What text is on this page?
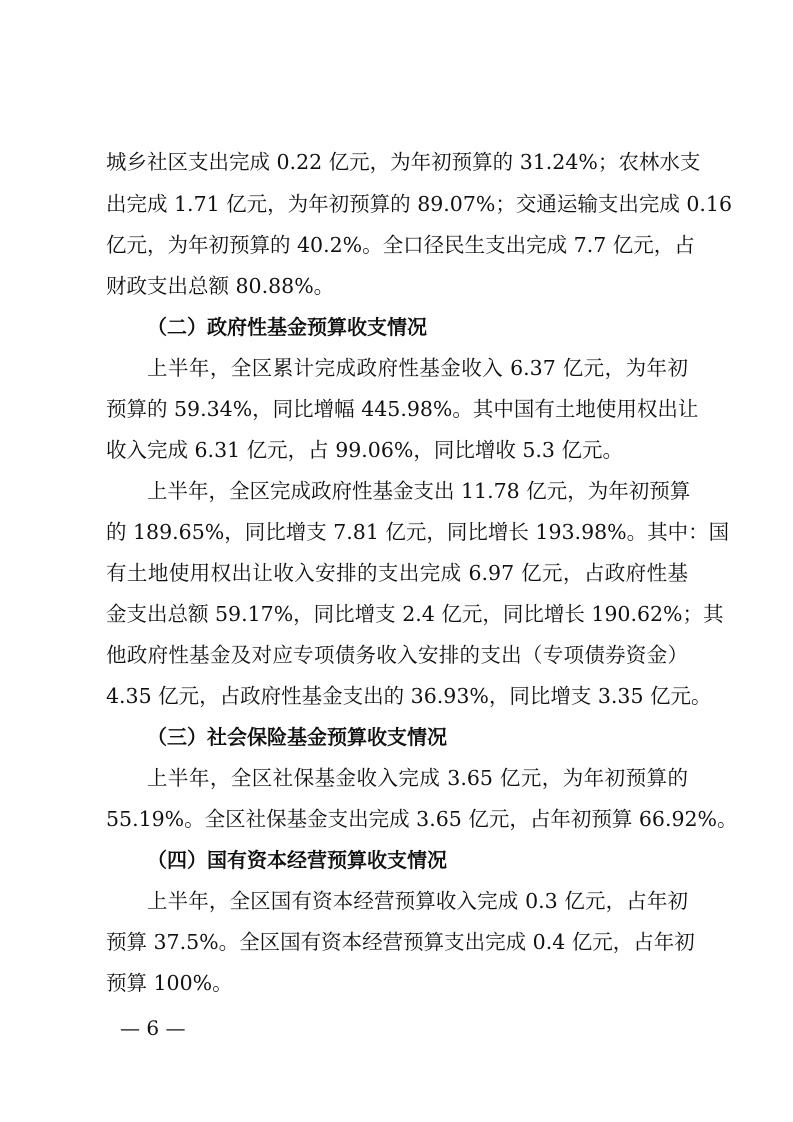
城乡社区支出完成 0.22 亿元，为年初预算的 31.24%；农林水支
出完成 1.71 亿元，为年初预算的 89.07%；交通运输支出完成 0.16
亿元，为年初预算的 40.2%。全口径民生支出完成 7.7 亿元，占
财政支出总额 80.88%。
（二）政府性基金预算收支情况
上半年，全区累计完成政府性基金收入 6.37 亿元，为年初
预算的 59.34%，同比增幅 445.98%。其中国有土地使用权出让
收入完成 6.31 亿元，占 99.06%，同比增收 5.3 亿元。
上半年，全区完成政府性基金支出 11.78 亿元，为年初预算
的 189.65%，同比增支 7.81 亿元，同比增长 193.98%。其中：国
有土地使用权出让收入安排的支出完成 6.97 亿元，占政府性基
金支出总额 59.17%，同比增支 2.4 亿元，同比增长 190.62%；其
他政府性基金及对应专项债务收入安排的支出（专项债券资金）
4.35 亿元，占政府性基金支出的 36.93%，同比增支 3.35 亿元。
（三）社会保险基金预算收支情况
上半年，全区社保基金收入完成 3.65 亿元，为年初预算的
55.19%。全区社保基金支出完成 3.65 亿元，占年初预算 66.92%。
（四）国有资本经营预算收支情况
上半年，全区国有资本经营预算收入完成 0.3 亿元，占年初
预算 37.5%。全区国有资本经营预算支出完成 0.4 亿元，占年初
预算 100%。
— 6 —
